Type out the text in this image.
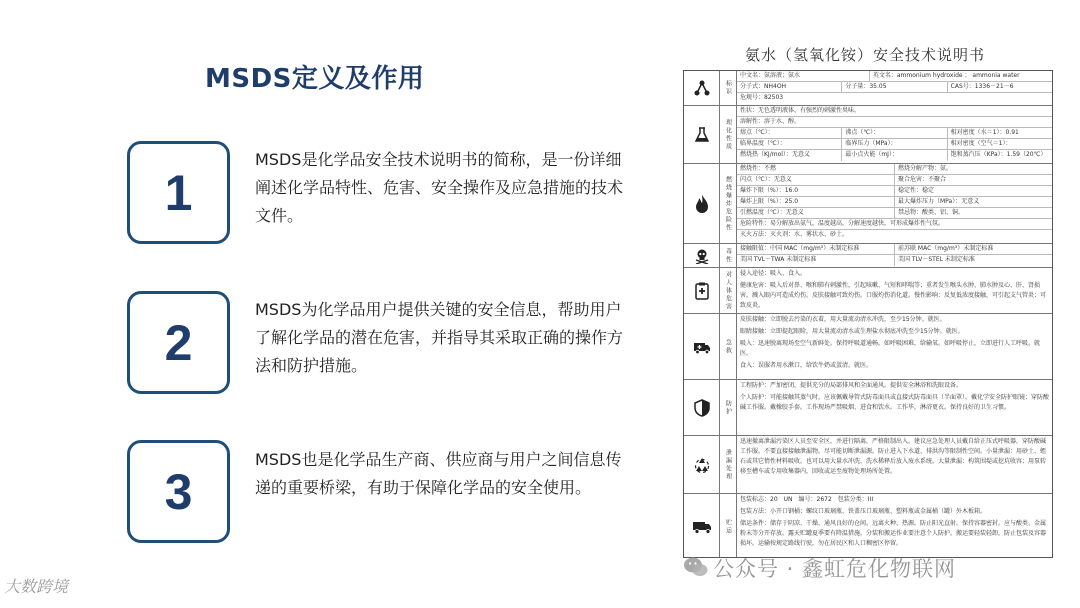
MSDS定义及作用
1
MSDS是化学品安全技术说明书的简称，是一份详细阐述化学品特性、危害、安全操作及应急措施的技术文件。
2
MSDS为化学品用户提供关键的安全信息，帮助用户了解化学品的潜在危害，并指导其采取正确的操作方法和防护措施。
3
MSDS也是化学品生产商、供应商与用户之间信息传递的重要桥梁，有助于保障化学品的安全使用。
氨水（氢氧化铵）安全技术说明书
标识
中文名：氨溶液；氨水	英文名：ammonium hydroxide ； ammonia water
分子式：NH4OH	分子量：35.05	CAS号：1336－21－6
危规号：82503
理化性质
性状：无色透明液体，有强烈的刺激性臭味。
溶解性：溶于水、醇。
熔点（℃）：	沸点（℃）：	相对密度（水＝1）：0.91
临界温度（℃）：	临界压力（MPa）：	相对密度（空气＝1）：
燃烧热（KJ/mol）：无意义	最小点火能（mJ）：	饱和蒸汽压（KPa）：1.59（20℃）
燃烧爆炸危险性
燃烧性：不燃	燃烧分解产物：氨。
闪点（℃）：无意义	聚合危害：不聚合
爆炸下限（%）：16.0	稳定性：稳定
爆炸上限（%）：25.0	最大爆炸压力（MPa）：无意义
引燃温度（℃）：无意义	禁忌物：酸类、铝、铜。
危险特性：易分解放出氨气，温度越高，分解速度越快，可形成爆炸性气氛。
灭火方法：灭火剂：水、雾状水、砂土。
毒性	接触限值：中国 MAC（mg/m³）未制定标准	前苏联 MAC（mg/m³）未制定标准
美国 TVL－TWA 未制定标准	美国 TLV－STEL 未制定标准
对人体危害	侵入途径：吸入、食入。
健康危害：吸入后对鼻、喉和肺有刺激性，引起咳嗽、气短和哮喘等；重者发生喉头水肿、肺水肿及心、肝、肾损害。溅入眼内可造成灼伤。皮肤接触可致灼伤。口服灼伤消化道。慢性影响：反复低浓度接触，可引起支气管炎；可致皮炎。
急救
皮肤接触：立即脱去污染的衣着，用大量流动清水冲洗，至少15分钟。就医。
眼睛接触：立即提起眼睑，用大量流动清水或生理盐水彻底冲洗至少15分钟。就医。
吸入：迅速脱离现场至空气新鲜处。保持呼吸道通畅。如呼吸困难，给输氧。如呼吸停止，立即进行人工呼吸。就医。
食入：误服者用水漱口，给饮牛奶或蛋清。就医。
防护
工程防护：严加密闭，提供充分的局部排风和全面通风。提供安全淋浴和洗眼设备。
个人防护：可能接触其蒸气时，应该佩戴导管式防毒面具或直接式防毒面具（半面罩）。戴化学安全防护眼镜；穿防酸碱工作服。戴橡胶手套。工作现场严禁吸烟、进食和饮水。工作毕，淋浴更衣。保持良好的卫生习惯。
泄漏处理
迅速撤离泄漏污染区人员至安全区，并进行隔离，严格限制出入。建议应急处理人员戴自给正压式呼吸器，穿防酸碱工作服。不要直接接触泄漏物。尽可能切断泄漏源。防止进入下水道、排洪沟等限制性空间。小量泄漏：用砂土、蛭石或其它惰性材料吸收。也可以用大量水冲洗，洗水稀释后放入废水系统。大量泄漏：构筑围堤或挖坑收容；用泵转移至槽车或专用收集器内，回收或运至废物处理场所处置。
贮运
包装标志：20　UN　编号：2672　包装分类：III
包装方法：小开口钢桶；螺纹口玻璃瓶、铁盖压口玻璃瓶、塑料瓶或金属桶（罐）外木板箱。
储运条件：储存于阴凉、干燥、通风良好的仓间。远离火种、热源。防止阳光直射。保持容器密封。应与酸类、金属粉末等分开存放。露天贮罐夏季要有降温措施。分装和搬运作业要注意个人防护。搬运要轻装轻卸，防止包装及容器损坏。运输按规定路线行驶，勿在居民区和人口稠密区停留。
公众号 · 鑫虹危化物联网
大数跨境
